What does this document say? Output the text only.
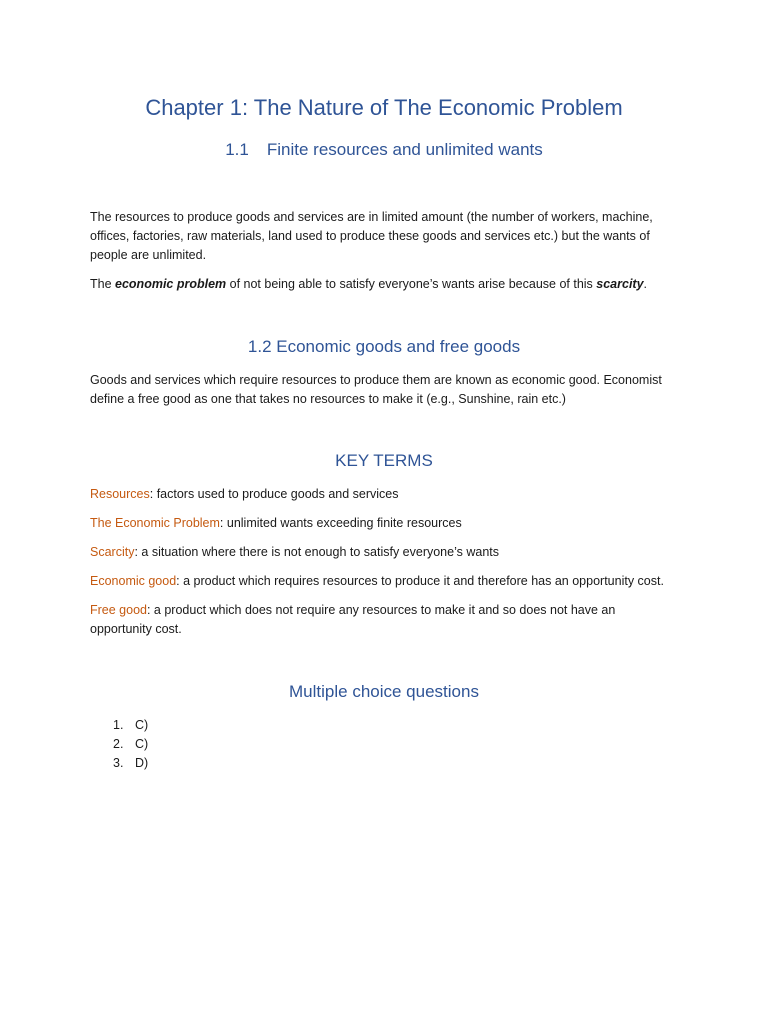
Chapter 1: The Nature of The Economic Problem
1.1 Finite resources and unlimited wants
The resources to produce goods and services are in limited amount (the number of workers, machine, offices, factories, raw materials, land used to produce these goods and services etc.) but the wants of people are unlimited.
The economic problem of not being able to satisfy everyone’s wants arise because of this scarcity.
1.2 Economic goods and free goods
Goods and services which require resources to produce them are known as economic good. Economist define a free good as one that takes no resources to make it (e.g., Sunshine, rain etc.)
KEY TERMS
Resources: factors used to produce goods and services
The Economic Problem: unlimited wants exceeding finite resources
Scarcity: a situation where there is not enough to satisfy everyone’s wants
Economic good: a product which requires resources to produce it and therefore has an opportunity cost.
Free good: a product which does not require any resources to make it and so does not have an opportunity cost.
Multiple choice questions
1. C)
2. C)
3. D)
